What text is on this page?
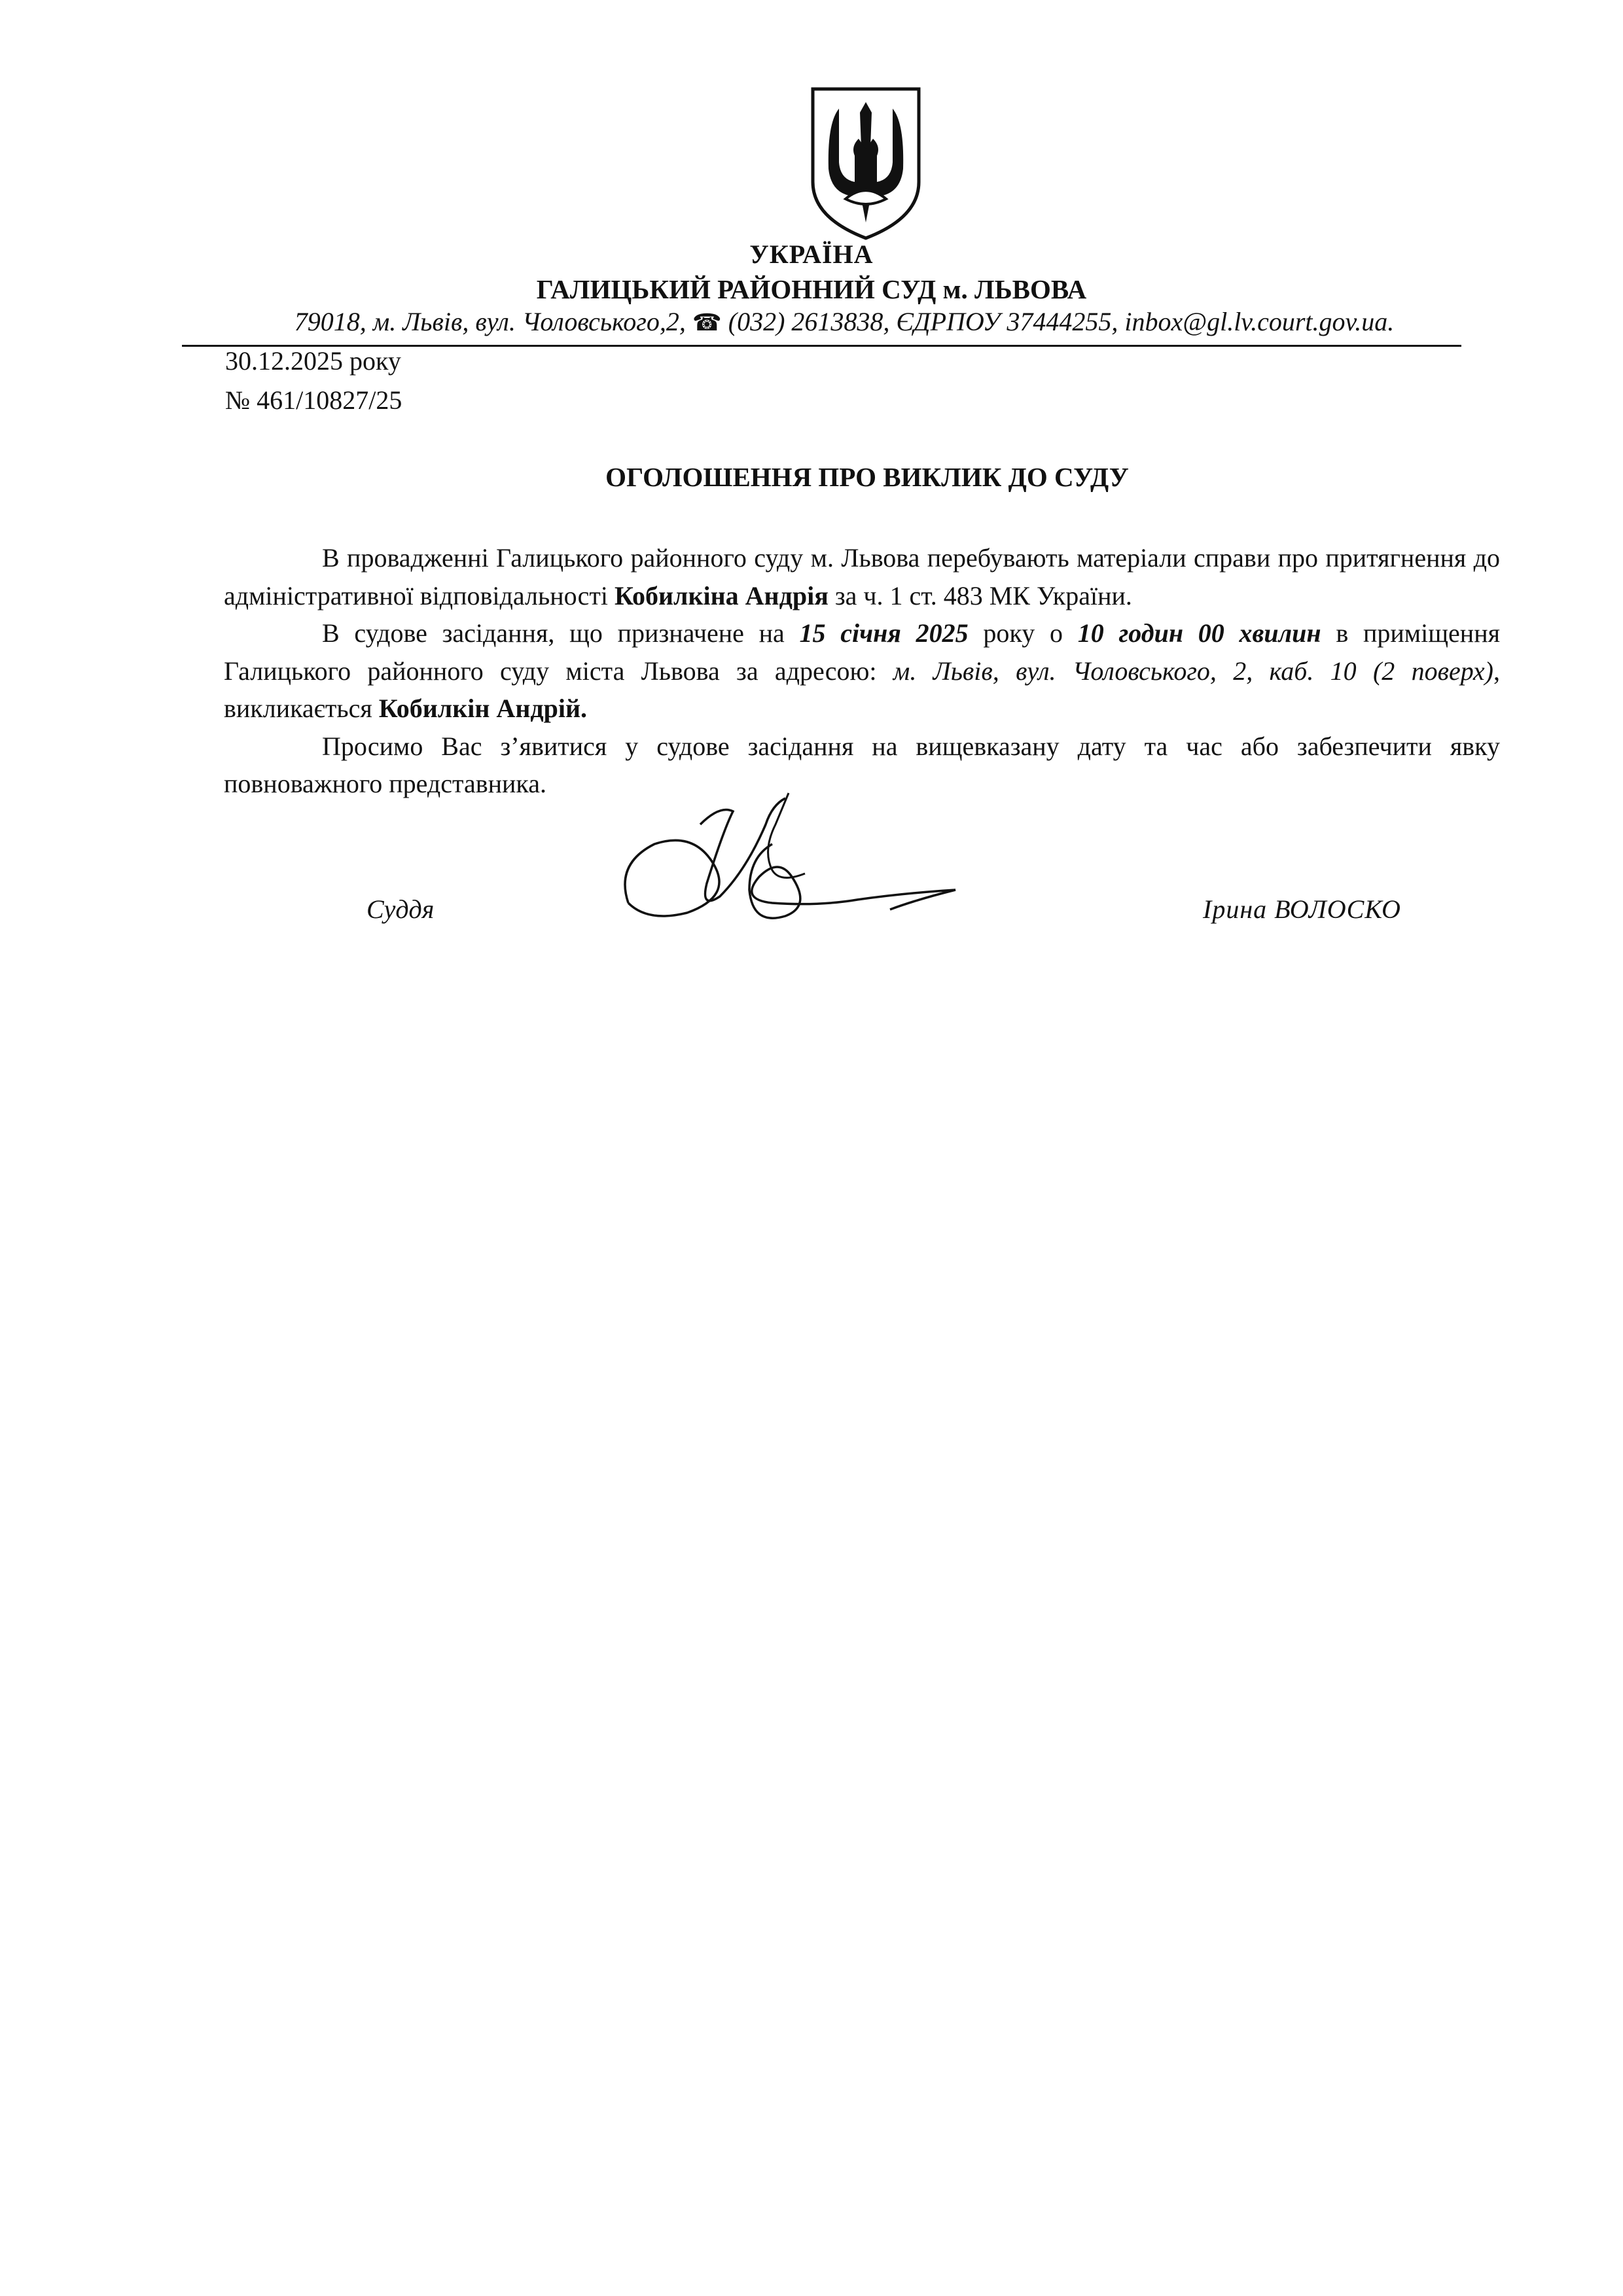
УКРАЇНА
ГАЛИЦЬКИЙ РАЙОННИЙ СУД м. ЛЬВОВА
79018, м. Львів, вул. Чоловського,2, ☎ (032) 2613838, ЄДРПОУ 37444255, inbox@gl.lv.court.gov.ua.
30.12.2025 року
№ 461/10827/25
ОГОЛОШЕННЯ ПРО ВИКЛИК ДО СУДУ

В провадженні Галицького районного суду м. Львова перебувають матеріали справи про притягнення до адміністративної відповідальності Кобилкіна Андрія за ч. 1 ст. 483 МК України.

В судове засідання, що призначене на 15 січня 2025 року о 10 годин 00 хвилин в приміщення Галицького районного суду міста Львова за адресою: м. Львів, вул. Чоловського, 2, каб. 10 (2 поверх), викликається Кобилкін Андрій.

Просимо Вас з’явитися у судове засідання на вищевказану дату та час або забезпечити явку повноважного представника.

Суддя	Ірина ВОЛОСКО
